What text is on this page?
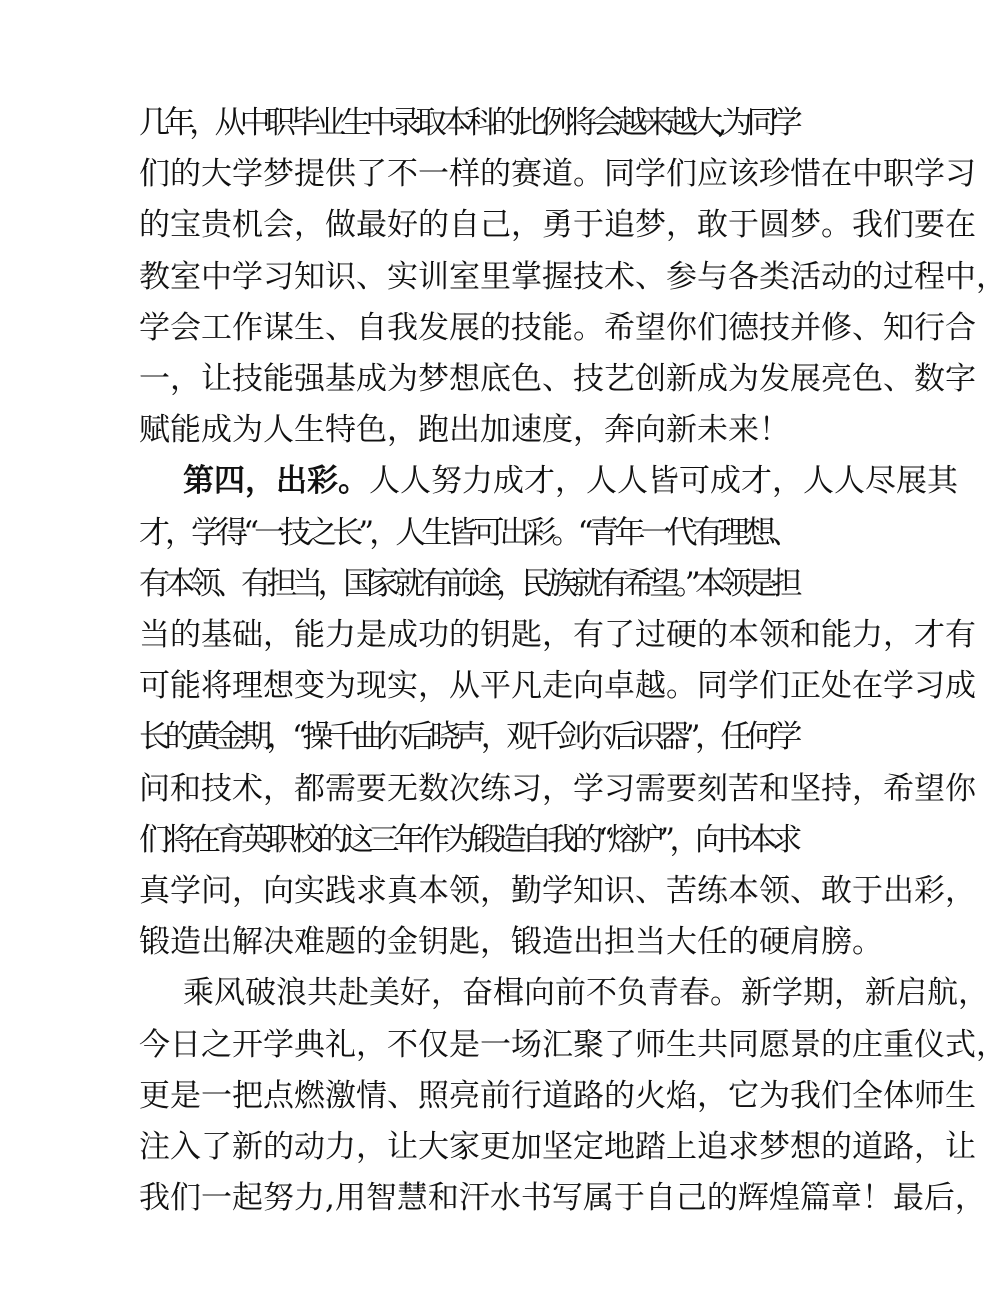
几年，从中职毕业生中录取本科的比例将会越来越大,为同学
们的大学梦提供了不一样的赛道。同学们应该珍惜在中职学习
的宝贵机会，做最好的自己，勇于追梦，敢于圆梦。我们要在
教室中学习知识、实训室里掌握技术、参与各类活动的过程中，
学会工作谋生、自我发展的技能。希望你们德技并修、知行合
一，让技能强基成为梦想底色、技艺创新成为发展亮色、数字
赋能成为人生特色，跑出加速度，奔向新未来！
第四，出彩。人人努力成才，人人皆可成才，人人尽展其
才，学得“一技之长”，人生皆可出彩。“青年一代有理想、
有本领、有担当，国家就有前途，民族就有希望。”本领是担
当的基础，能力是成功的钥匙，有了过硬的本领和能力，才有
可能将理想变为现实，从平凡走向卓越。同学们正处在学习成
长的黄金期，“操千曲尔后晓声，观千剑尔后识器”，任何学
问和技术，都需要无数次练习，学习需要刻苦和坚持，希望你
们将在育英职校的这三年作为锻造自我的“熔炉”，向书本求
真学问，向实践求真本领，勤学知识、苦练本领、敢于出彩，
锻造出解决难题的金钥匙，锻造出担当大任的硬肩膀。
乘风破浪共赴美好，奋楫向前不负青春。新学期，新启航，
今日之开学典礼，不仅是一场汇聚了师生共同愿景的庄重仪式，
更是一把点燃激情、照亮前行道路的火焰，它为我们全体师生
注入了新的动力，让大家更加坚定地踏上追求梦想的道路，让
我们一起努力,用智慧和汗水书写属于自己的辉煌篇章！最后，
